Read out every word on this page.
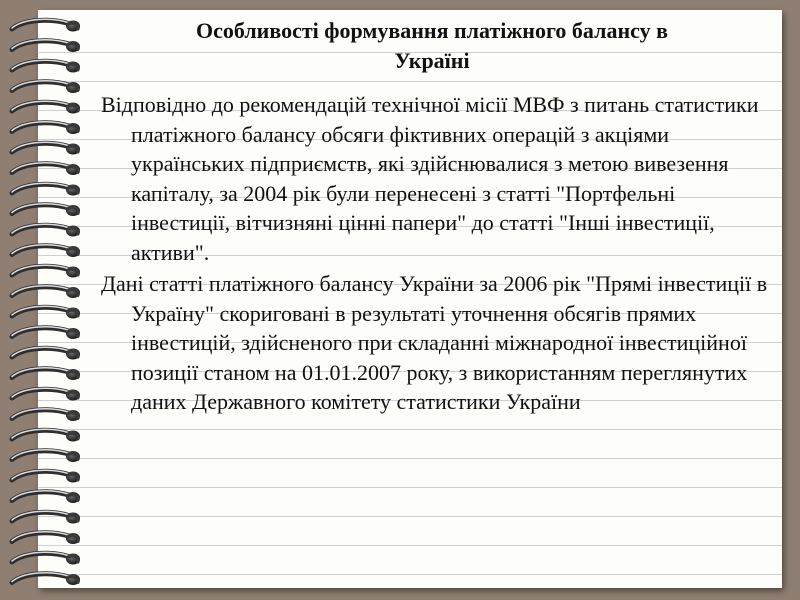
Особливості формування платіжного балансу в
Україні

Відповідно до рекомендацій технічної місії МВФ з питань статистики платіжного балансу обсяги фіктивних операцій з акціями українських підприємств, які здійснювалися з метою вивезення капіталу, за 2004 рік були перенесені з статті "Портфельні інвестиції, вітчизняні цінні папери" до статті "Інші інвестиції, активи".

Дані статті платіжного балансу України за 2006 рік "Прямі інвестиції в Україну" скориговані в результаті уточнення обсягів прямих інвестицій, здійсненого при складанні міжнародної інвестиційної позиції станом на 01.01.2007 року, з використанням переглянутих даних Державного комітету статистики України
